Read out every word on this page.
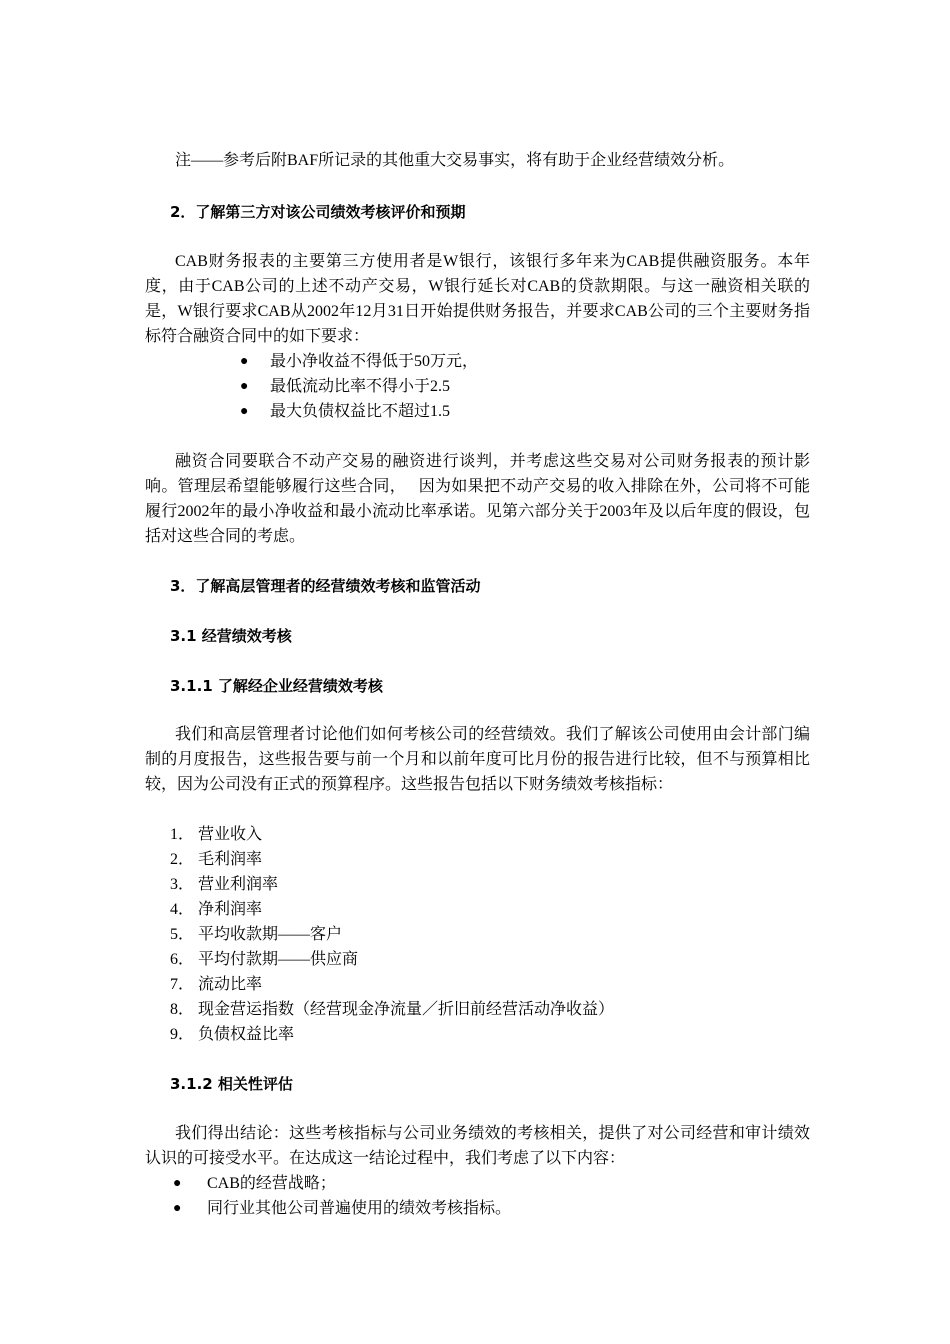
注——参考后附BAF所记录的其他重大交易事实，将有助于企业经营绩效分析。

2．了解第三方对该公司绩效考核评价和预期

CAB财务报表的主要第三方使用者是W银行，该银行多年来为CAB提供融资服务。本年度，由于CAB公司的上述不动产交易，W银行延长对CAB的贷款期限。与这一融资相关联的是，W银行要求CAB从2002年12月31日开始提供财务报告，并要求CAB公司的三个主要财务指标符合融资合同中的如下要求：

● 最小净收益不得低于50万元，
● 最低流动比率不得小于2.5
● 最大负债权益比不超过1.5

融资合同要联合不动产交易的融资进行谈判，并考虑这些交易对公司财务报表的预计影响。管理层希望能够履行这些合同，　 因为如果把不动产交易的收入排除在外，公司将不可能履行2002年的最小净收益和最小流动比率承诺。见第六部分关于2003年及以后年度的假设，包括对这些合同的考虑。

3．了解高层管理者的经营绩效考核和监管活动

3.1 经营绩效考核

3.1.1 了解经企业经营绩效考核

我们和高层管理者讨论他们如何考核公司的经营绩效。我们了解该公司使用由会计部门编制的月度报告，这些报告要与前一个月和以前年度可比月份的报告进行比较，但不与预算相比较，因为公司没有正式的预算程序。这些报告包括以下财务绩效考核指标：

1． 营业收入
2． 毛利润率
3． 营业利润率
4． 净利润率
5． 平均收款期——客户
6． 平均付款期——供应商
7． 流动比率
8． 现金营运指数（经营现金净流量／折旧前经营活动净收益）
9． 负债权益比率

3.1.2 相关性评估

我们得出结论：这些考核指标与公司业务绩效的考核相关，提供了对公司经营和审计绩效认识的可接受水平。在达成这一结论过程中，我们考虑了以下内容：

● CAB的经营战略；
● 同行业其他公司普遍使用的绩效考核指标。
